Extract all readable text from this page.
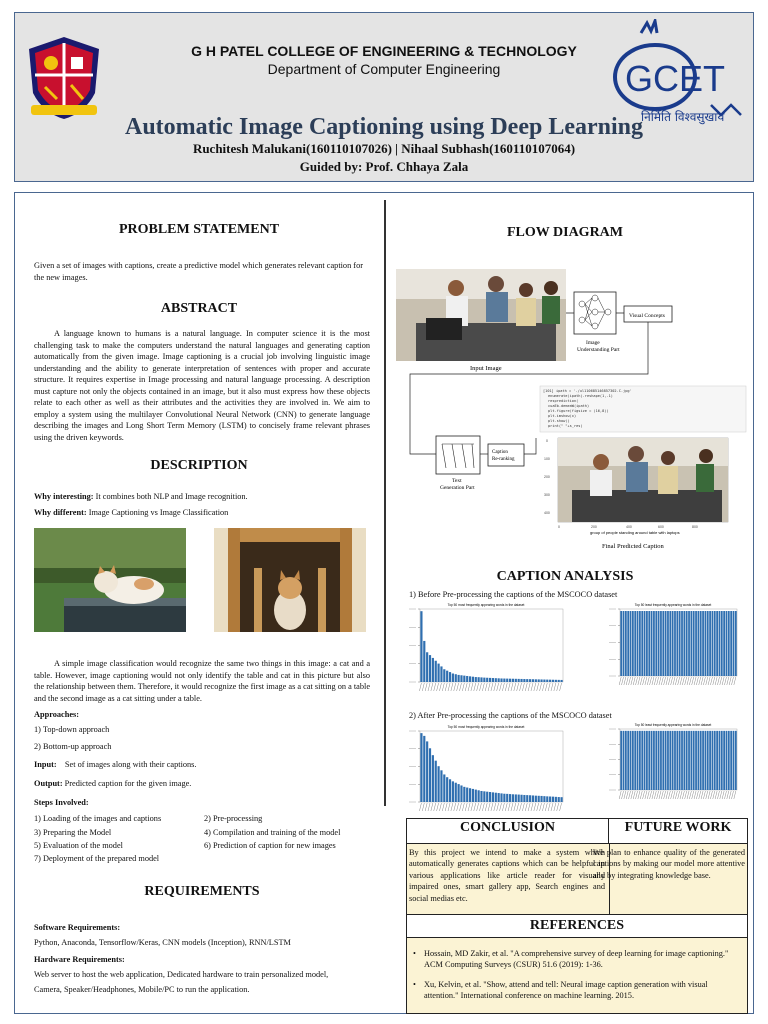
G H PATEL COLLEGE OF ENGINEERING & TECHNOLOGY
Department of Computer Engineering	GCET
निर्मिति विश्वसुखाय
Automatic Image Captioning using Deep Learning
Ruchitesh Malukani(160110107026) | Nihaal Subhash(160110107064)
Guided by: Prof. Chhaya Zala
PROBLEM STATEMENT
Given a set of images with captions, create a predictive model which generates relevant caption for the new images.
ABSTRACT
A language known to humans is a natural language. In computer science it is the most challenging task to make the computers understand the natural languages and generating caption automatically from the given image. Image captioning is a crucial job involving linguistic image understanding and the ability to generate interpretation of sentences with proper and accurate structure. It requires expertise in Image processing and natural language processing. A description must capture not only the objects contained in an image, but it also must express how these objects relate to each other as well as their attributes and the activities they are involved in. We aim to employ a system using the multilayer Convolutional Neural Network (CNN) to generate language describing the images and Long Short Term Memory (LSTM) to concisely frame relevant phrases using the driven keywords.
DESCRIPTION
Why interesting: It combines both NLP and Image recognition.
Why different: Image Captioning vs Image Classification
A simple image classification would recognize the same two things in this image: a cat and a table. However, image captioning would not only identify the table and cat in this picture but also the relationship between them. Therefore, it would recognize the first image as a cat sitting on a table and the second image as a cat sitting under a table.
Approaches:
1) Top-down approach
2) Bottom-up approach
Input:    Set of images along with their captions.
Output: Predicted caption for the given image.
Steps Involved:
1) Loading of the images and captions	2) Pre-processing
3) Preparing the Model	4) Compilation and training of the model
5) Evaluation of the model	6) Prediction of caption for new images
7) Deployment of the prepared model
REQUIREMENTS
Software Requirements:
Python, Anaconda, Tensorflow/Keras, CNN models (Inception), RNN/LSTM
Hardware Requirements:
Web server to host the web application, Dedicated hardware to train personalized model,
Camera, Speaker/Headphones, Mobile/PC to run the application.
FLOW DIAGRAM
Input Image
Image Understanding Part
Visual Concepts
Text Generation Part
Caption Re-ranking
[101] ipath = './ul110685146857302.C.jpg' enumerate(ipath).reshape(1,-1) resprediction( cuaEb.demeaW(ipath) plt.figure(figsize = (16,8)) plt.imshow(x) plt.show() print(" "+s_res)
0
100
200
300
400
0	200	400	600	800
group of people standing around table with laptops
Final Predicted Caption
CAPTION ANALYSIS
1) Before Pre-processing the captions of the MSCOCO dataset
2) After Pre-processing the captions of the MSCOCO dataset
Top 50 most frequently appearing words in the dataset	Top 50 least frequently appearing words in the dataset
Top 50 most frequently appearing words in the dataset	Top 50 least frequently appearing words in the dataset
CONCLUSION	FUTURE WORK
By this project we intend to make a system which automatically generates captions which can be helpful in various applications like article reader for visually impaired ones, smart gallery app, Search engines and social medias etc.
We plan to enhance quality of the generated captions by making our model more attentive and by integrating knowledge base.
REFERENCES
• Hossain, MD Zakir, et al. "A comprehensive survey of deep learning for image captioning." ACM Computing Surveys (CSUR) 51.6 (2019): 1-36.
• Xu, Kelvin, et al. "Show, attend and tell: Neural image caption generation with visual attention." International conference on machine learning. 2015.
